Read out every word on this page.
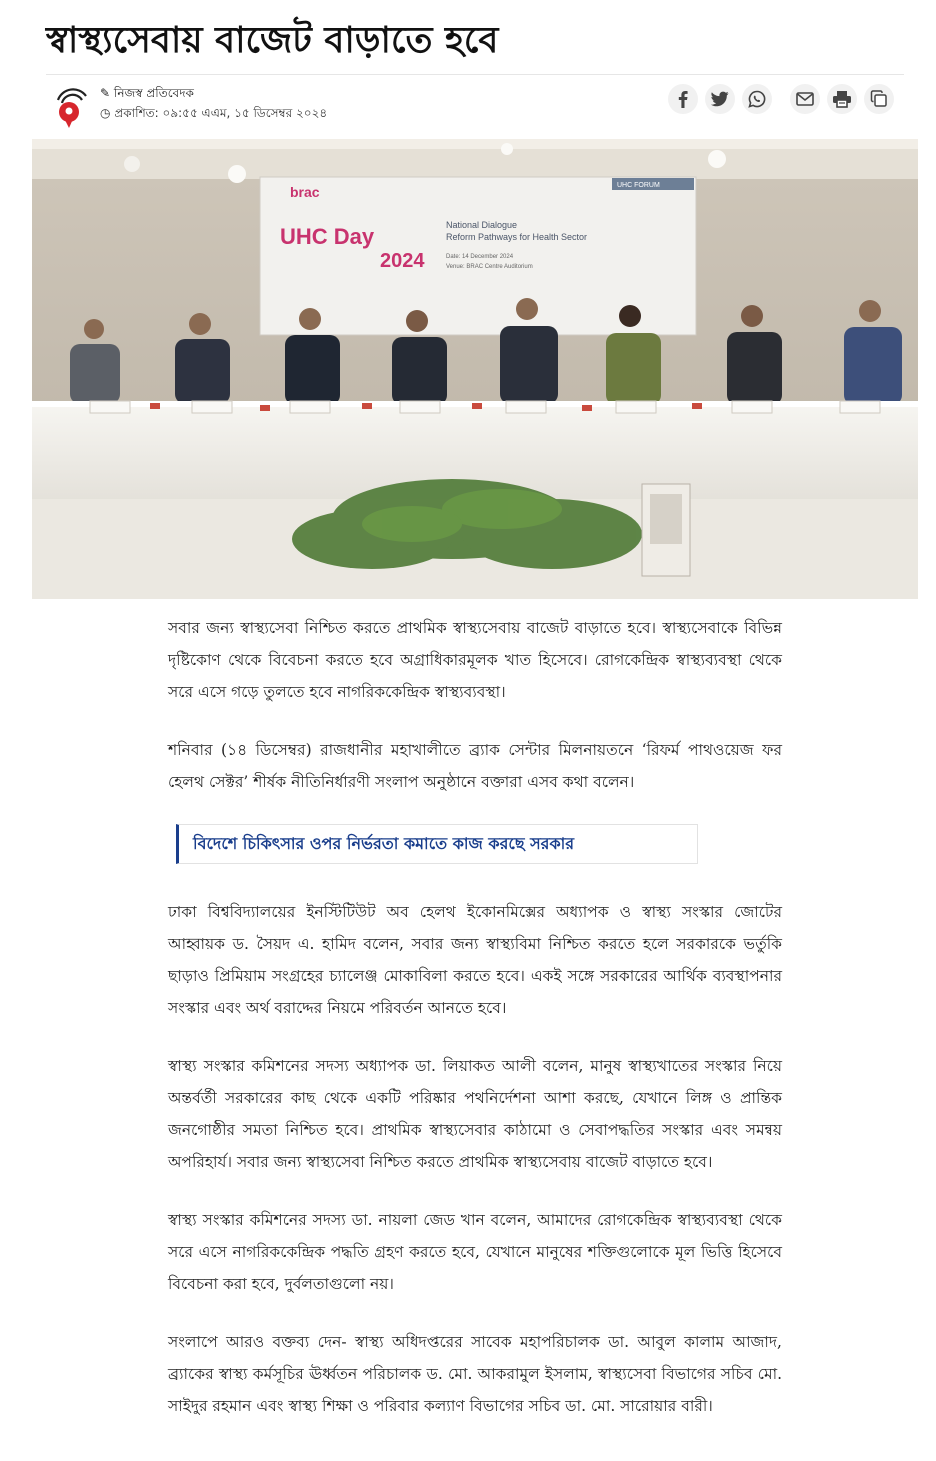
স্বাস্থ্যসেবায় বাজেট বাড়াতে হবে
✎ নিজস্ব প্রতিবেদক
◷ প্রকাশিত: ০৯:৫৫ এএম, ১৫ ডিসেম্বর ২০২৪
brac
UHC Day
2024
National Dialogue
Reform Pathways for Health Sector
Date: 14 December 2024
Venue: BRAC Centre Auditorium
UHC FORUM

সবার জন্য স্বাস্থ্যসেবা নিশ্চিত করতে প্রাথমিক স্বাস্থ্যসেবায় বাজেট বাড়াতে হবে। স্বাস্থ্যসেবাকে বিভিন্ন দৃষ্টিকোণ থেকে বিবেচনা করতে হবে অগ্রাধিকারমূলক খাত হিসেবে। রোগকেন্দ্রিক স্বাস্থ্যব্যবস্থা থেকে সরে এসে গড়ে তুলতে হবে নাগরিককেন্দ্রিক স্বাস্থ্যব্যবস্থা।

শনিবার (১৪ ডিসেম্বর) রাজধানীর মহাখালীতে ব্র্যাক সেন্টার মিলনায়তনে ‘রিফর্ম পাথওয়েজ ফর হেলথ সেক্টর’ শীর্ষক নীতিনির্ধারণী সংলাপ অনুষ্ঠানে বক্তারা এসব কথা বলেন।

বিদেশে চিকিৎসার ওপর নির্ভরতা কমাতে কাজ করছে সরকার

ঢাকা বিশ্ববিদ্যালয়ের ইনস্টিটিউট অব হেলথ ইকোনমিক্সের অধ্যাপক ও স্বাস্থ্য সংস্কার জোটের আহ্বায়ক ড. সৈয়দ এ. হামিদ বলেন, সবার জন্য স্বাস্থ্যবিমা নিশ্চিত করতে হলে সরকারকে ভর্তুকি ছাড়াও প্রিমিয়াম সংগ্রহের চ্যালেঞ্জ মোকাবিলা করতে হবে। একই সঙ্গে সরকারের আর্থিক ব্যবস্থাপনার সংস্কার এবং অর্থ বরাদ্দের নিয়মে পরিবর্তন আনতে হবে।

স্বাস্থ্য সংস্কার কমিশনের সদস্য অধ্যাপক ডা. লিয়াকত আলী বলেন, মানুষ স্বাস্থ্যখাতের সংস্কার নিয়ে অন্তর্বর্তী সরকারের কাছ থেকে একটি পরিষ্কার পথনির্দেশনা আশা করছে, যেখানে লিঙ্গ ও প্রান্তিক জনগোষ্ঠীর সমতা নিশ্চিত হবে। প্রাথমিক স্বাস্থ্যসেবার কাঠামো ও সেবাপদ্ধতির সংস্কার এবং সমন্বয় অপরিহার্য। সবার জন্য স্বাস্থ্যসেবা নিশ্চিত করতে প্রাথমিক স্বাস্থ্যসেবায় বাজেট বাড়াতে হবে।

স্বাস্থ্য সংস্কার কমিশনের সদস্য ডা. নায়লা জেড খান বলেন, আমাদের রোগকেন্দ্রিক স্বাস্থ্যব্যবস্থা থেকে সরে এসে নাগরিককেন্দ্রিক পদ্ধতি গ্রহণ করতে হবে, যেখানে মানুষের শক্তিগুলোকে মূল ভিত্তি হিসেবে বিবেচনা করা হবে, দুর্বলতাগুলো নয়।

সংলাপে আরও বক্তব্য দেন- স্বাস্থ্য অধিদপ্তরের সাবেক মহাপরিচালক ডা. আবুল কালাম আজাদ, ব্র্যাকের স্বাস্থ্য কর্মসূচির ঊর্ধ্বতন পরিচালক ড. মো. আকরামুল ইসলাম, স্বাস্থ্যসেবা বিভাগের সচিব মো. সাইদুর রহমান এবং স্বাস্থ্য শিক্ষা ও পরিবার কল্যাণ বিভাগের সচিব ডা. মো. সারোয়ার বারী।
